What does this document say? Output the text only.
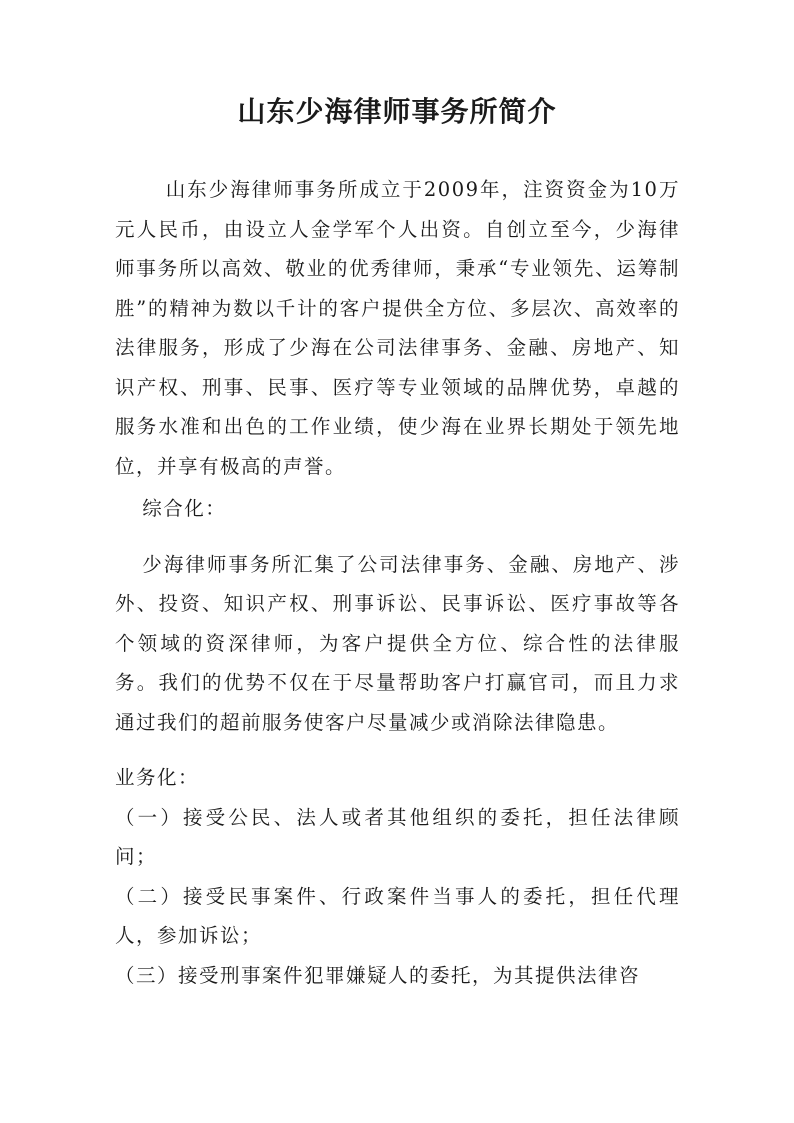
山东少海律师事务所简介

山东少海律师事务所成立于2009年，注资资金为10万元人民币，由设立人金学军个人出资。自创立至今，少海律师事务所以高效、敬业的优秀律师，秉承“专业领先、运筹制胜”的精神为数以千计的客户提供全方位、多层次、高效率的法律服务，形成了少海在公司法律事务、金融、房地产、知识产权、刑事、民事、医疗等专业领域的品牌优势，卓越的服务水准和出色的工作业绩，使少海在业界长期处于领先地位，并享有极高的声誉。

综合化：

少海律师事务所汇集了公司法律事务、金融、房地产、涉外、投资、知识产权、刑事诉讼、民事诉讼、医疗事故等各个领域的资深律师，为客户提供全方位、综合性的法律服务。我们的优势不仅在于尽量帮助客户打赢官司，而且力求通过我们的超前服务使客户尽量减少或消除法律隐患。

业务化：

（一）接受公民、法人或者其他组织的委托，担任法律顾问；

（二）接受民事案件、行政案件当事人的委托，担任代理人，参加诉讼；

（三）接受刑事案件犯罪嫌疑人的委托，为其提供法律咨
